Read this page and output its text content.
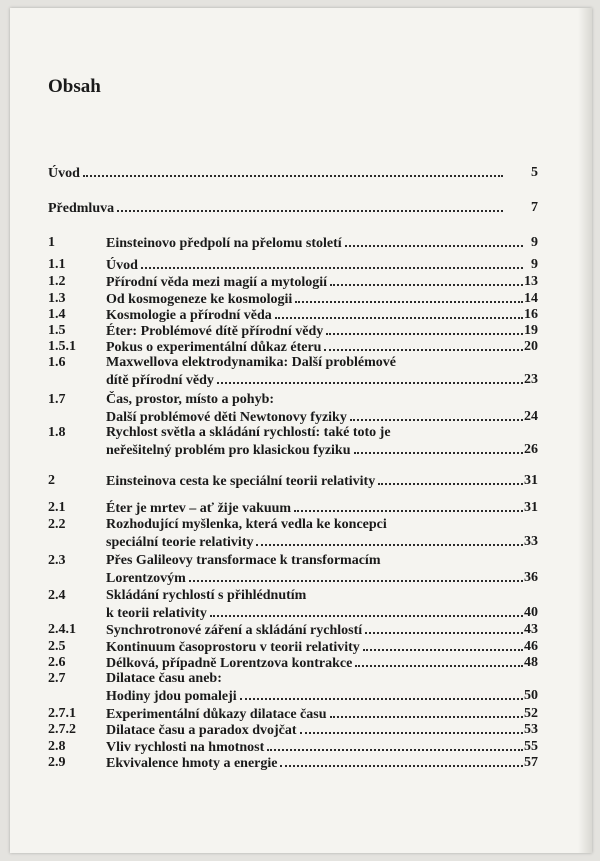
Obsah
Úvod	5
Předmluva	7
1	Einsteinovo předpolí na přelomu století	9
1.1	Úvod	9
1.2	Přírodní věda mezi magií a mytologií	13
1.3	Od kosmogeneze ke kosmologii	14
1.4	Kosmologie a přírodní věda	16
1.5	Éter: Problémové dítě přírodní vědy	19
1.5.1	Pokus o experimentální důkaz éteru	20
1.6	Maxwellova elektrodynamika: Další problémové
dítě přírodní vědy	23
1.7	Čas, prostor, místo a pohyb:
Další problémové děti Newtonovy fyziky	24
1.8	Rychlost světla a skládání rychlostí: také toto je
neřešitelný problém pro klasickou fyziku	26
2	Einsteinova cesta ke speciální teorii relativity	31
2.1	Éter je mrtev – ať žije vakuum	31
2.2	Rozhodující myšlenka, která vedla ke koncepci
speciální teorie relativity	33
2.3	Přes Galileovy transformace k transformacím
Lorentzovým	36
2.4	Skládání rychlostí s přihlédnutím
k teorii relativity	40
2.4.1	Synchrotronové záření a skládání rychlostí	43
2.5	Kontinuum časoprostoru v teorii relativity	46
2.6	Délková, případně Lorentzova kontrakce	48
2.7	Dilatace času aneb:
Hodiny jdou pomaleji	50
2.7.1	Experimentální důkazy dilatace času	52
2.7.2	Dilatace času a paradox dvojčat	53
2.8	Vliv rychlosti na hmotnost	55
2.9	Ekvivalence hmoty a energie	57
